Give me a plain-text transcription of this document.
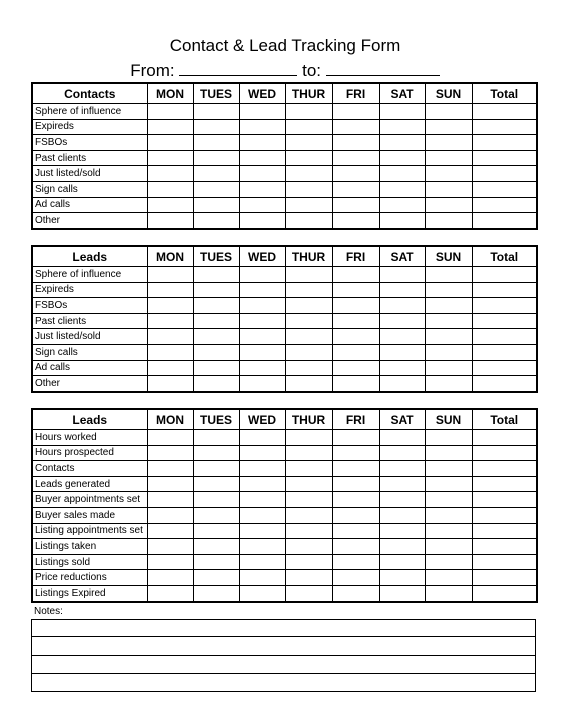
Contact & Lead Tracking Form
From:	to:
Contacts	MON	TUES	WED	THUR	FRI	SAT	SUN	Total
Sphere of influence								
Expireds								
FSBOs								
Past clients								
Just listed/sold								
Sign calls								
Ad calls								
Other								
Leads	MON	TUES	WED	THUR	FRI	SAT	SUN	Total
Sphere of influence								
Expireds								
FSBOs								
Past clients								
Just listed/sold								
Sign calls								
Ad calls								
Other								
Leads	MON	TUES	WED	THUR	FRI	SAT	SUN	Total
Hours worked								
Hours prospected								
Contacts								
Leads generated								
Buyer appointments set								
Buyer sales made								
Listing appointments set								
Listings taken								
Listings sold								
Price reductions								
Listings Expired								
Notes:
